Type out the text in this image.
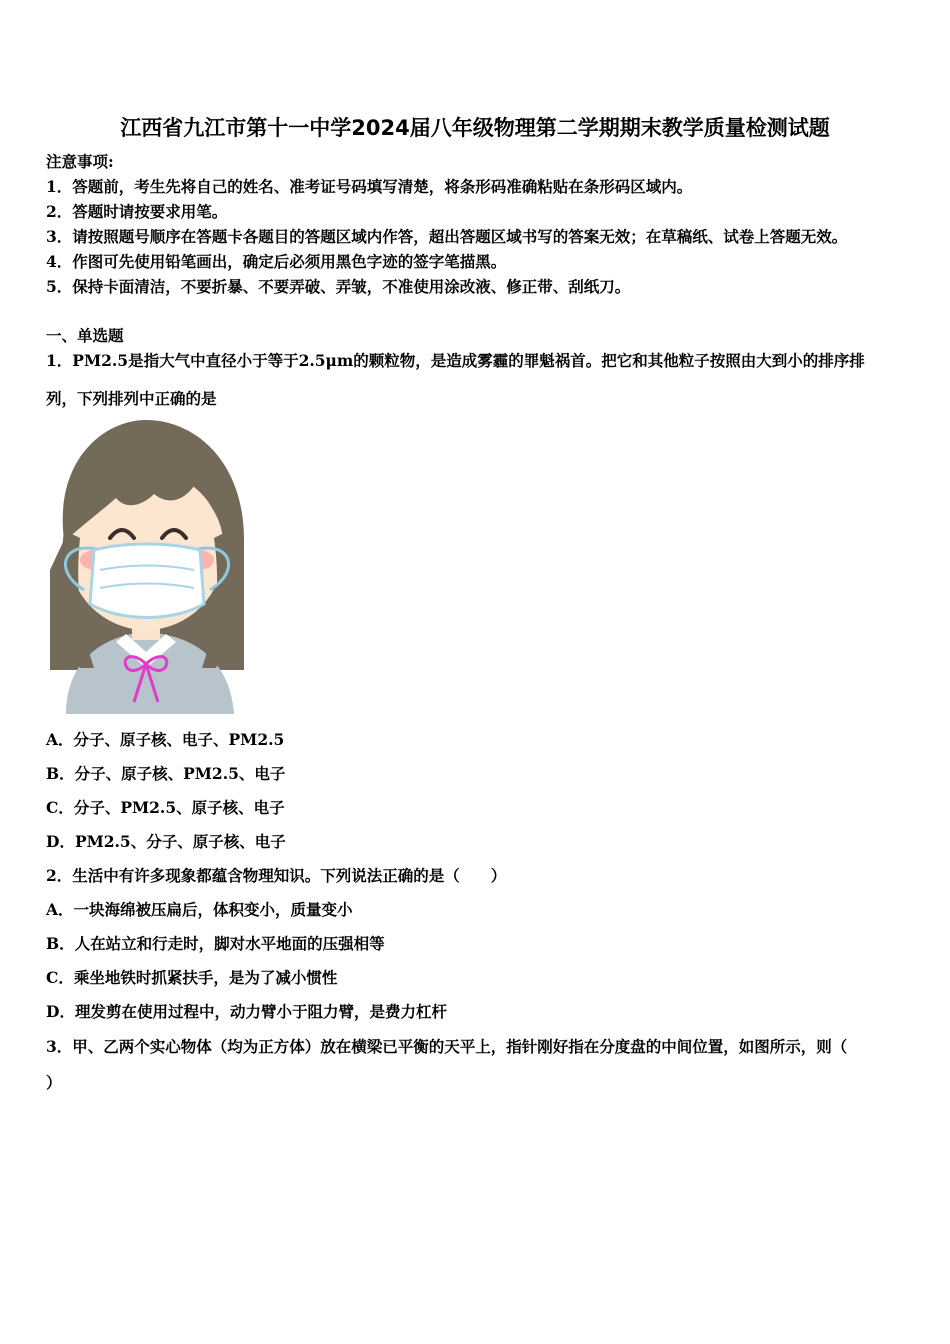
江西省九江市第十一中学2024届八年级物理第二学期期末教学质量检测试题
注意事项:
1．答题前，考生先将自己的姓名、准考证号码填写清楚，将条形码准确粘贴在条形码区域内。
2．答题时请按要求用笔。
3．请按照题号顺序在答题卡各题目的答题区域内作答，超出答题区域书写的答案无效；在草稿纸、试卷上答题无效。
4．作图可先使用铅笔画出，确定后必须用黑色字迹的签字笔描黑。
5．保持卡面清洁，不要折暴、不要弄破、弄皱，不准使用涂改液、修正带、刮纸刀。
一、单选题
1．PM2.5是指大气中直径小于等于2.5μm的颗粒物，是造成雾霾的罪魁祸首。把它和其他粒子按照由大到小的排序排
列，下列排列中正确的是
A．分子、原子核、电子、PM2.5
B．分子、原子核、PM2.5、电子
C．分子、PM2.5、原子核、电子
D．PM2.5、分子、原子核、电子
2．生活中有许多现象都蕴含物理知识。下列说法正确的是（　　）
A．一块海绵被压扁后，体积变小，质量变小
B．人在站立和行走时，脚对水平地面的压强相等
C．乘坐地铁时抓紧扶手，是为了减小惯性
D．理发剪在使用过程中，动力臂小于阻力臂，是费力杠杆
3．甲、乙两个实心物体（均为正方体）放在横梁已平衡的天平上，指针刚好指在分度盘的中间位置，如图所示，则（
）
